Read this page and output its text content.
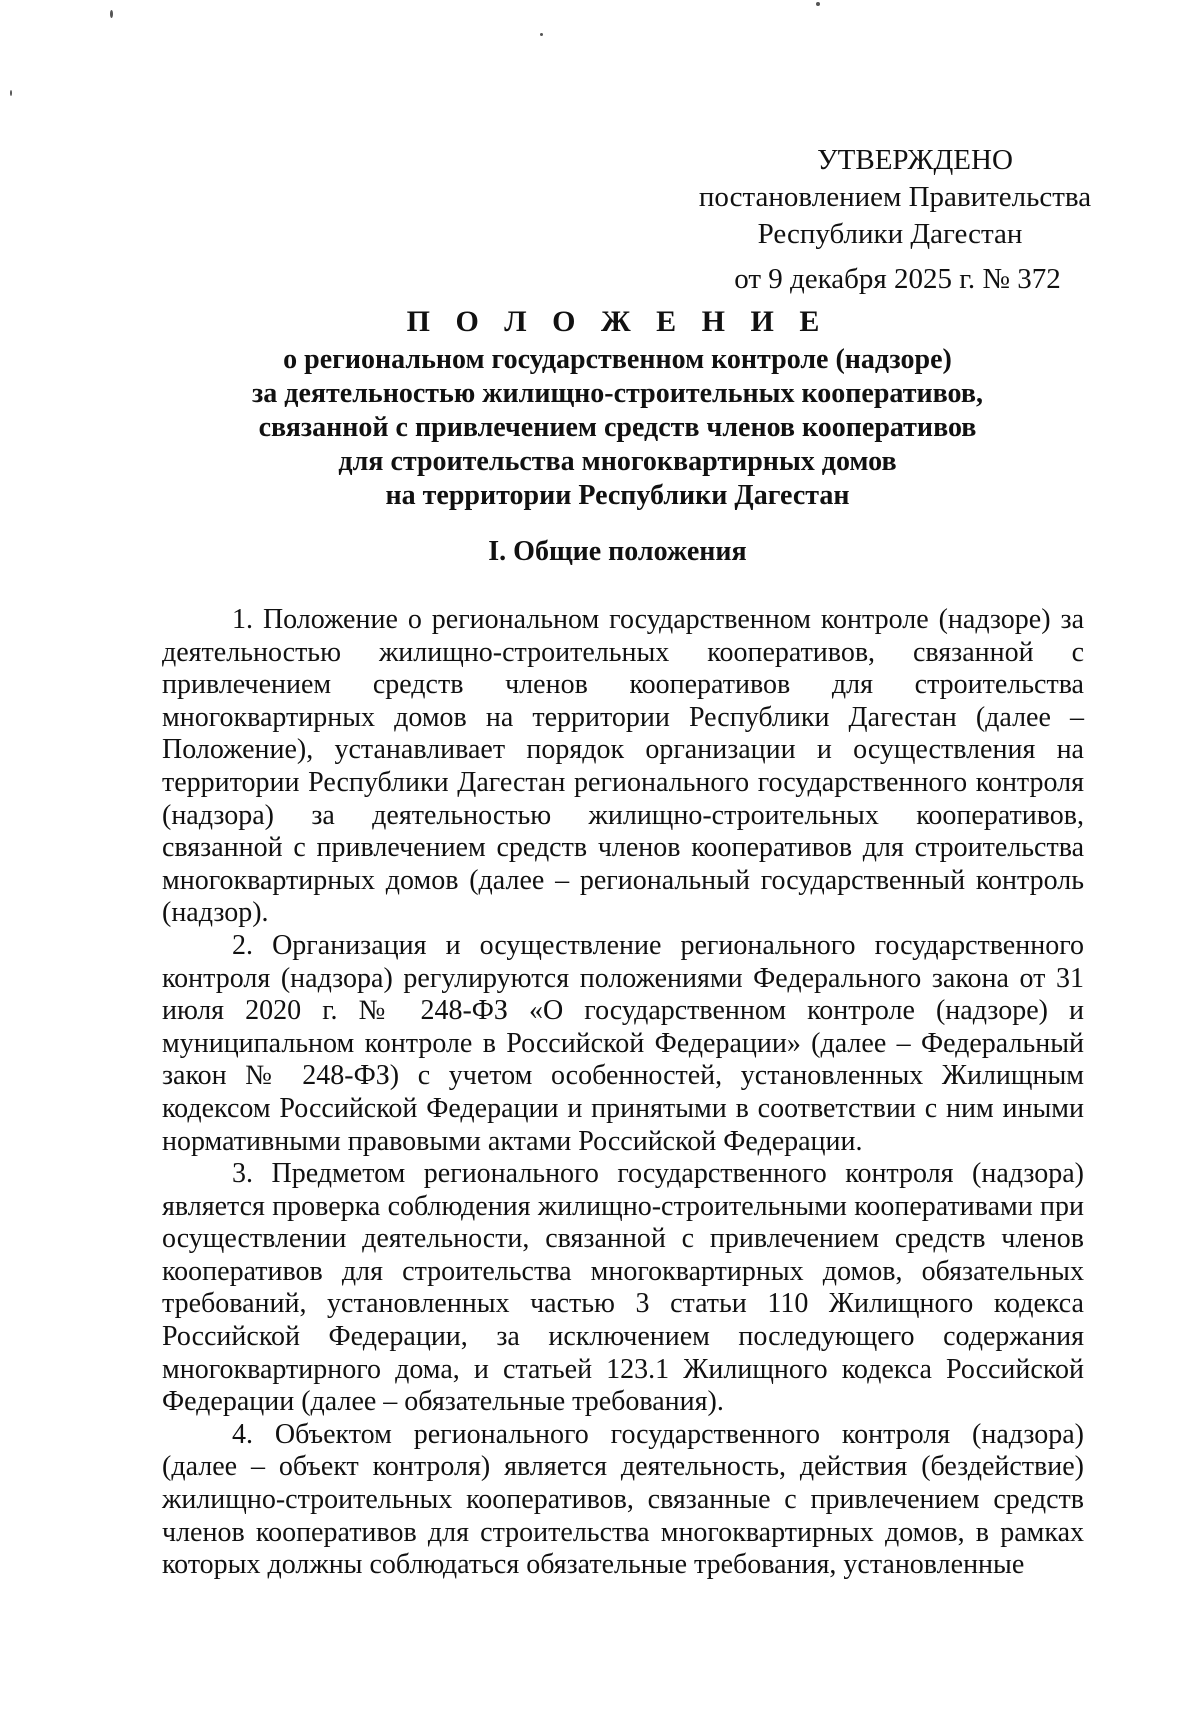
УТВЕРЖДЕНО
постановлением Правительства
Республики Дагестан
от 9 декабря 2025 г. № 372
П О Л О Ж Е Н И Е
о региональном государственном контроле (надзоре)
за деятельностью жилищно-строительных кооперативов,
связанной с привлечением средств членов кооперативов
для строительства многоквартирных домов
на территории Республики Дагестан
I. Общие положения

1. Положение о региональном государственном контроле (надзоре) за деятельностью жилищно-строительных кооперативов, связанной с привлечением средств членов кооперативов для строительства многоквартирных домов на территории Республики Дагестан (далее – Положение), устанавливает порядок организации и осуществления на территории Республики Дагестан регионального государственного контроля (надзора) за деятельностью жилищно-строительных кооперативов, связанной с привлечением средств членов кооперативов для строительства многоквартирных домов (далее – региональный государственный контроль (надзор).

2. Организация и осуществление регионального государственного контроля (надзора) регулируются положениями Федерального закона от 31 июля 2020 г. № 248-ФЗ «О государственном контроле (надзоре) и муниципальном контроле в Российской Федерации» (далее – Федеральный закон № 248-ФЗ) с учетом особенностей, установленных Жилищным кодексом Российской Федерации и принятыми в соответствии с ним иными нормативными правовыми актами Российской Федерации.

3. Предметом регионального государственного контроля (надзора) является проверка соблюдения жилищно-строительными кооперативами при осуществлении деятельности, связанной с привлечением средств членов кооперативов для строительства многоквартирных домов, обязательных требований, установленных частью 3 статьи 110 Жилищного кодекса Российской Федерации, за исключением последующего содержания многоквартирного дома, и статьей 123.1 Жилищного кодекса Российской Федерации (далее – обязательные требования).

4. Объектом регионального государственного контроля (надзора) (далее – объект контроля) является деятельность, действия (бездействие) жилищно-строительных кооперативов, связанные с привлечением средств членов кооперативов для строительства многоквартирных домов, в рамках которых должны соблюдаться обязательные требования, установленные
